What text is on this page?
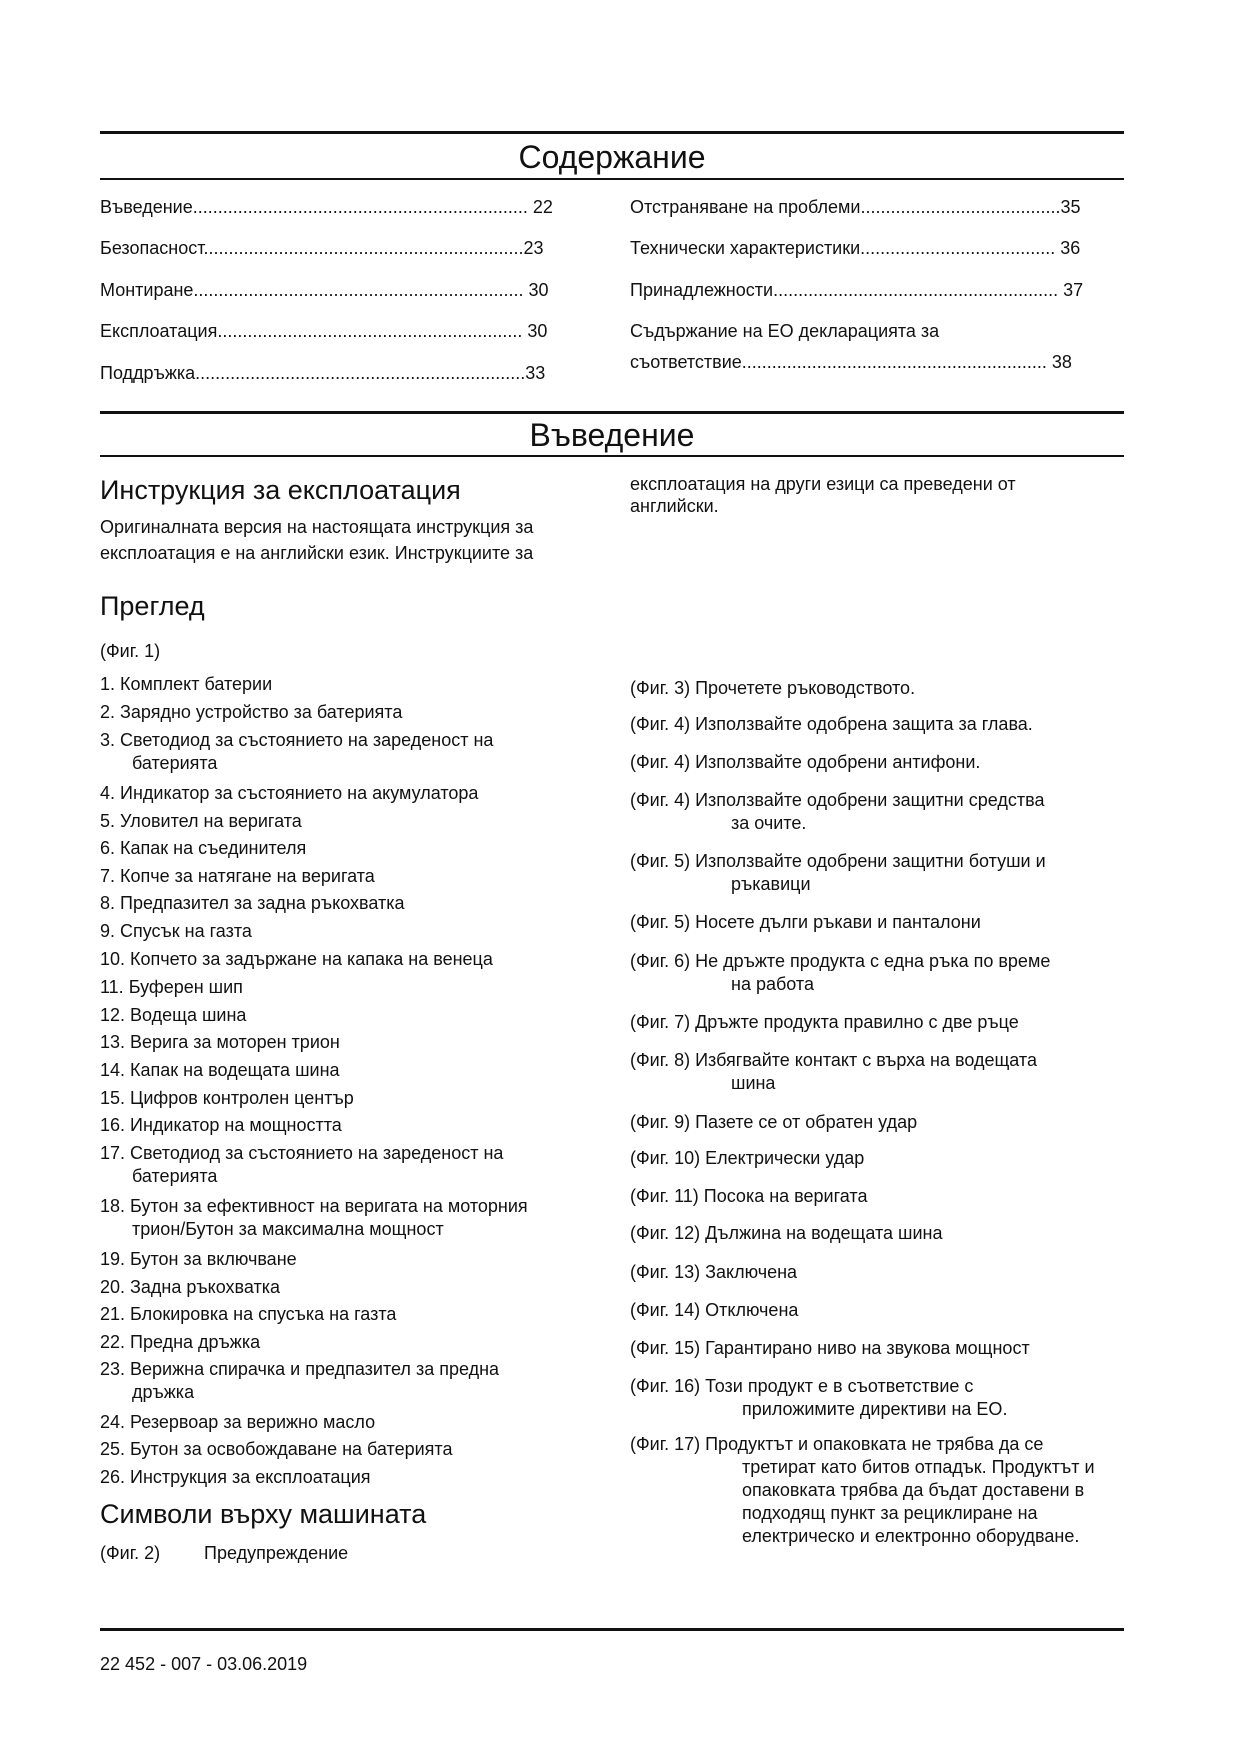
Содержание
Въведение................................................................... 22
Безопасност................................................................23
Монтиране.................................................................. 30
Експлоатация............................................................. 30
Поддръжка..................................................................33
Отстраняване на проблеми........................................35
Технически характеристики....................................... 36
Принадлежности......................................................... 37
Съдържание на ЕО декларацията за
съответствие............................................................. 38
Въведение
Инструкция за експлоатация
Оригиналната версия на настоящата инструкция за
експлоатация е на английски език. Инструкциите за
експлоатация на други езици са преведени от
английски.
Преглед
(Фиг. 1)
1. Комплект батерии
2. Зарядно устройство за батерията
3. Светодиод за състоянието на зареденост на
батерията
4. Индикатор за състоянието на акумулатора
5. Уловител на веригата
6. Капак на съединителя
7. Копче за натягане на веригата
8. Предпазител за задна ръкохватка
9. Спусък на газта
10. Копчето за задържане на капака на венеца
11. Буферен шип
12. Водеща шина
13. Верига за моторен трион
14. Капак на водещата шина
15. Цифров контролен център
16. Индикатор на мощността
17. Светодиод за състоянието на зареденост на
батерията
18. Бутон за ефективност на веригата на моторния
трион/Бутон за максимална мощност
19. Бутон за включване
20. Задна ръкохватка
21. Блокировка на спусъка на газта
22. Предна дръжка
23. Верижна спирачка и предпазител за предна
дръжка
24. Резервоар за верижно масло
25. Бутон за освобождаване на батерията
26. Инструкция за експлоатация
Символи върху машината
(Фиг. 2) Предупреждение
(Фиг. 3) Прочетете ръководството.
(Фиг. 4) Използвайте одобрена защита за глава.
(Фиг. 4) Използвайте одобрени антифони.
(Фиг. 4) Използвайте одобрени защитни средства
за очите.
(Фиг. 5) Използвайте одобрени защитни ботуши и
ръкавици
(Фиг. 5) Носете дълги ръкави и панталони
(Фиг. 6) Не дръжте продукта с една ръка по време
на работа
(Фиг. 7) Дръжте продукта правилно с две ръце
(Фиг. 8) Избягвайте контакт с върха на водещата
шина
(Фиг. 9) Пазете се от обратен удар
(Фиг. 10) Електрически удар
(Фиг. 11) Посока на веригата
(Фиг. 12) Дължина на водещата шина
(Фиг. 13) Заключена
(Фиг. 14) Отключена
(Фиг. 15) Гарантирано ниво на звукова мощност
(Фиг. 16) Този продукт е в съответствие с
приложимите директиви на ЕО.
(Фиг. 17) Продуктът и опаковката не трябва да се
третират като битов отпадък. Продуктът и
опаковката трябва да бъдат доставени в
подходящ пункт за рециклиране на
електрическо и електронно оборудване.
22 452 - 007 - 03.06.2019
